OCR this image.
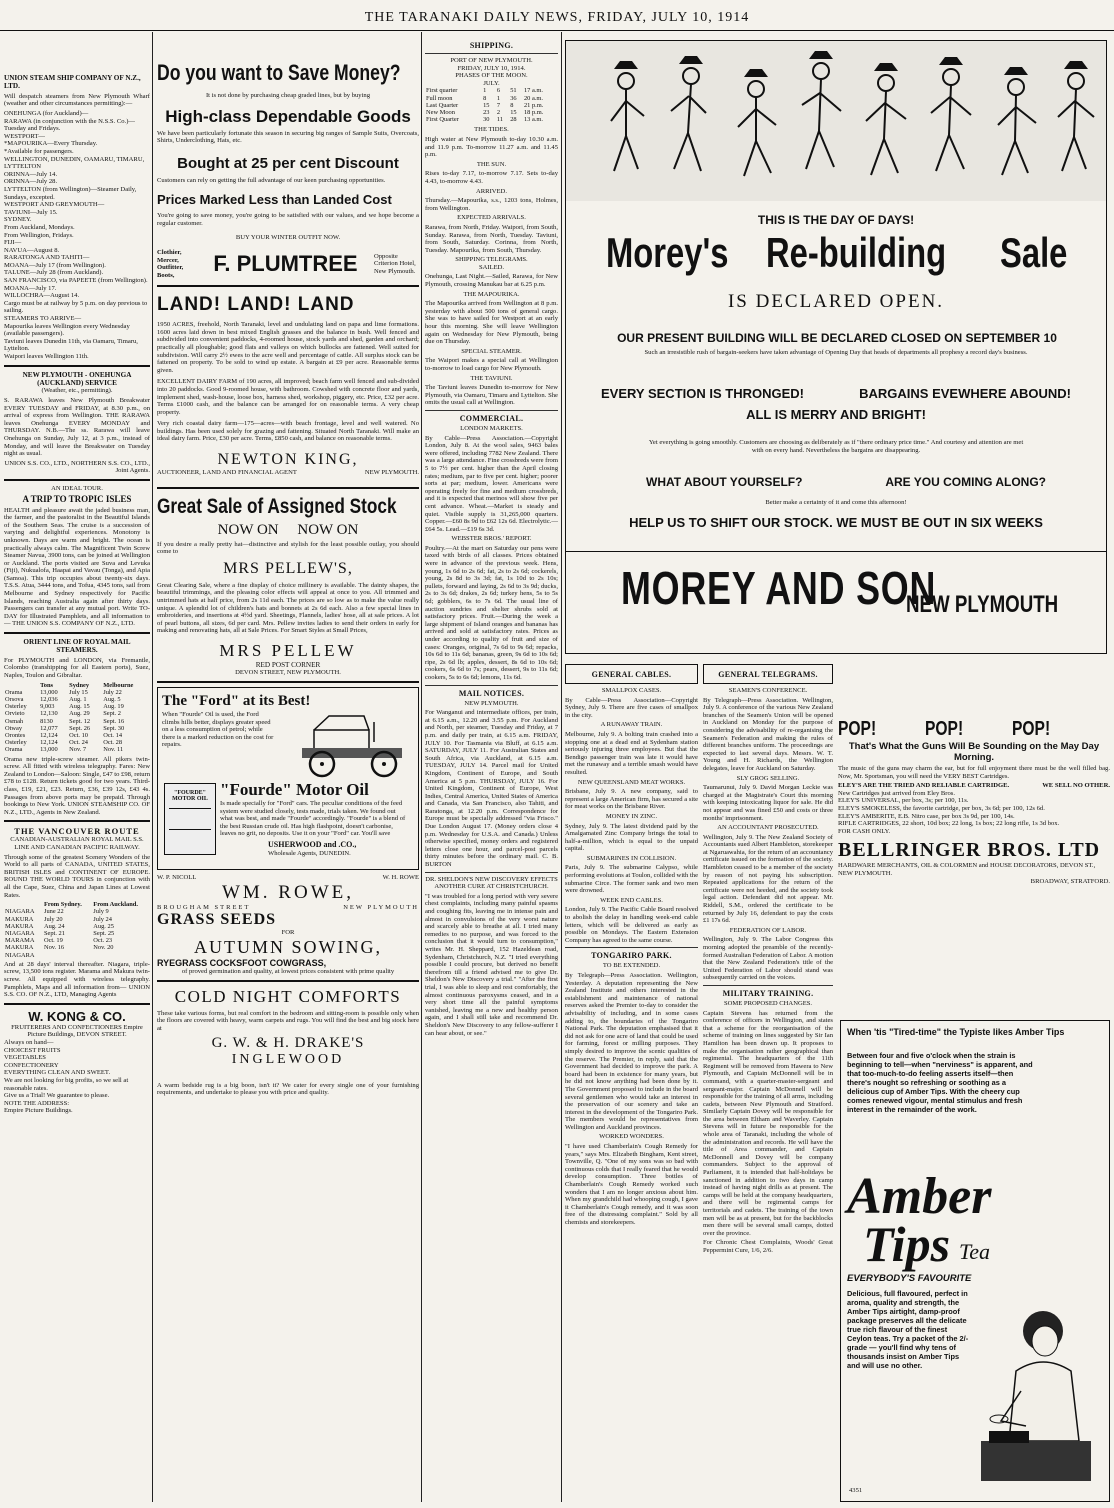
THE TARANAKI DAILY NEWS, FRIDAY, JULY 10, 1914
UNION STEAM SHIP COMPANY OF N.Z., LTD.
Will despatch steamers from New Plymouth Wharf (weather and other circumstances permitting):—
ONEHUNGA (for Auckland)—
RARAWA (in conjunction with the N.S.S. Co.)—Tuesday and Fridays.
WESTPORT—
*MAPOURIKA—Every Thursday.
*Available for passengers.
WELLINGTON, DUNEDIN, OAMARU, TIMARU, LYTTELTON
ORINNA—July 14.
ORINNA—July 28.
LYTTELTON (from Wellington)—Steamer Daily, Sundays, excepted.
WESTPORT AND GREYMOUTH—
TAVIUNI—July 15.
SYDNEY.
From Auckland, Mondays.
From Wellington, Fridays.
FIJI—
NAVUA—August 8.
RARATONGA AND TAHITI—
MOANA—July 17 (from Wellington).
TALUNE—July 28 (from Auckland).
SAN FRANCISCO, via PAPEETE (from Wellington).
MOANA—July 17.
WILLOCHRA—August 14.
Cargo must be at railway by 5 p.m. on day previous to sailing.
STEAMERS TO ARRIVE—
Mapourika leaves Wellington every Wednesday (available passengers).
Taviuni leaves Dunedin 11th, via Oamaru, Timaru, Lyttelton.
Waipori leaves Wellington 11th.
NEW PLYMOUTH - ONEHUNGA (AUCKLAND) SERVICE
(Weather, etc., permitting).
S. RARAWA leaves New Plymouth Breakwater EVERY TUESDAY and FRIDAY, at 8.30 p.m., on arrival of express from Wellington. THE RARAWA leaves Onehunga EVERY MONDAY and THURSDAY. N.B.—The ss. Rarawa will leave Onehunga on Sunday, July 12, at 3 p.m., instead of Monday, and will leave the Breakwater on Tuesday night as usual.
UNION S.S. CO., LTD., NORTHERN S.S. CO., LTD., Joint Agents.
AN IDEAL TOUR.
A TRIP TO TROPIC ISLES
HEALTH and pleasure await the jaded business man, the farmer, and the pastoralist in the Beautiful Islands of the Southern Seas. The cruise is a succession of varying and delightful experiences. Monotony is unknown. Days are warm and bright. The ocean is practically always calm. The Magnificent Twin Screw Steamer Navua, 3900 tons, can be joined at Wellington or Auckland. The ports visited are Suva and Levuka (Fiji), Nukualofa, Haapai and Vavau (Tonga), and Apia (Samoa). This trip occupies about twenty-six days. T.S.S. Atua, 3444 tons, and Tofua, 4345 tons, sail from Melbourne and Sydney respectively for Pacific Islands, reaching Australia again after thirty days. Passengers can transfer at any mutual port. Write TO-DAY for Illustrated Pamphlets, and all information to— THE UNION S.S. COMPANY OF N.Z., LTD.
ORIENT LINE OF ROYAL MAIL STEAMERS.
For PLYMOUTH and LONDON, via Fremantle, Colombo (transhipping for all Eastern ports), Suez, Naples, Toulon and Gibraltar.
	Tons	Sydney	Melbourne
Orama	13,000	July 15	July 22
Orsova	12,036	Aug. 1	Aug. 5
Osterley	9,003	Aug. 15	Aug. 19
Orvieto	12,130	Aug. 29	Sept. 2
Osmah	8130	Sept. 12	Sept. 16
Otway	12,077	Sept. 26	Sept. 30
Orontes	12,124	Oct. 10	Oct. 14
Osterley	12,124	Oct. 24	Oct. 28
Orama	13,000	Nov. 7	Nov. 11
Orama new triple-screw steamer. All pikers twin-screw. All fitted with wireless telegraphy. Fares: New Zealand to London—Saloon: Single, £47 to £98, return £78 to £128. Return tickets good for two years. Third-class, £19, £21, £23. Return, £36, £39 12s, £43 4s. Passages from above ports may be prepaid. Through bookings to New York. UNION STEAMSHIP CO. OF N.Z., LTD., Agents in New Zealand.
THE VANCOUVER ROUTE
CANADIAN-AUSTRALIAN ROYAL MAIL S.S. LINE AND CANADIAN PACIFIC RAILWAY.
Through some of the greatest Scenery Wonders of the World to all parts of CANADA, UNITED STATES, BRITISH ISLES and CONTINENT OF EUROPE. ROUND THE WORLD TOURS in conjunction with all the Cape, Suez, China and Japan Lines at Lowest Rates.
	From Sydney.	From Auckland.
NIAGARA	June 22	July 9
MAKURA	July 20	July 24
MAKURA	Aug. 24	Aug. 25
NIAGARA	Sept. 21	Sept. 25
MARAMA	Oct. 19	Oct. 23
MAKURA	Nov. 16	Nov. 20
NIAGARA		
And at 28 days' interval thereafter. Niagara, triple-screw, 13,500 tons register. Marama and Makura twin-screw. All equipped with wireless telegraphy. Pamphlets, Maps and all information from— UNION S.S. CO. OF N.Z., LTD, Managing Agents
W. KONG & CO.
FRUITERERS AND CONFECTIONERS Empire Picture Buildings, DEVON STREET.
Always on hand—
CHOICEST FRUITS
VEGETABLES
CONFECTIONERY
EVERYTHING CLEAN AND SWEET.
We are not looking for big profits, so we sell at reasonable rates.
Give us a Trial! We guarantee to please.
NOTE THE ADDRESS:
Empire Picture Buildings.
Do you want to Save Money?
It is not done by purchasing cheap graded lines, but by buying
High-class Dependable Goods
We have been particularly fortunate this season in securing big ranges of Sample Suits, Overcoats, Shirts, Underclothing, Hats, etc.
Bought at 25 per cent Discount
Customers can rely on getting the full advantage of our keen purchasing opportunities.
Prices Marked Less than Landed Cost
You're going to save money, you're going to be satisfied with our values, and we hope become a regular customer.
BUY YOUR WINTER OUTFIT NOW.
Clothier, Mercer, Outfitter, Boots,	F. PLUMTREE Opposite Criterion Hotel, New Plymouth.
LAND! LAND! LAND
1950 ACRES, freehold, North Taranaki, level and undulating land on papa and lime formations. 1600 acres laid down in best mixed English grasses and the balance in bush. Well fenced and subdivided into convenient paddocks, 4-roomed house, stock yards and shed, garden and orchard; practically all ploughable; good flats and valleys on which bullocks are fattened. Well suited for subdivision. Will carry 2½ ewes to the acre well and percentage of cattle. All surplus stock can be fattened on property. To be sold to wind up estate. A bargain at £9 per acre. Reasonable terms given.
EXCELLENT DAIRY FARM of 190 acres, all improved; beach farm well fenced and sub-divided into 20 paddocks. Good 9-roomed house, with bathroom. Cowshed with concrete floor and yards, implement shed, wash-house, loose box, harness shed, workshop, piggery, etc. Price, £32 per acre. Terms £1000 cash, and the balance can be arranged for on reasonable terms. A very cheap property.
Very rich coastal dairy farm—175—acres—with beach frontage, level and well watered. No buildings. Has been used solely for grazing and fattening. Situated North Taranaki. Will make an ideal dairy farm. Price, £30 per acre. Terms, £850 cash, and balance on reasonable terms.
NEWTON KING,
AUCTIONEER, LAND AND FINANCIAL AGENT	NEW PLYMOUTH.
Great Sale of Assigned Stock
NOW ON     NOW ON
If you desire a really pretty hat—distinctive and stylish for the least possible outlay, you should come to
MRS PELLEW'S,
Great Clearing Sale, where a fine display of choice millinery is available. The dainty shapes, the beautiful trimmings, and the pleasing color effects will appeal at once to you. All trimmed and untrimmed hats at half price, from 2s 11d each. The prices are so low as to make the value really unique. A splendid lot of children's hats and bonnets at 2s 6d each. Also a few special lines in embroideries, and insertions at 4½d yard. Sheetings, Flannels, ladies' hose, all at sale prices. A lot of pearl buttons, all sizes, 6d per card. Mrs. Pellew invites ladies to send their orders in early for making and renovating hats, all at Sale Prices. For Smart Styles at Small Prices,
MRS PELLEW
RED POST CORNER
DEVON STREET, NEW PLYMOUTH.
The "Ford" at its Best!
When "Fourde" Oil is used, the Ford climbs hills better, displays greater speed on a less consumption of petrol; while there is a marked reduction on the cost for repairs.
"FOURDE" MOTOR OIL "Fourde" Motor Oil
Is made specially for "Ford" cars. The peculiar conditions of the feed system were studied closely, tests made, trials taken. We found out what was best, and made "Fourde" accordingly. "Fourde" is a blend of the best Russian crude oil. Has high flashpoint, doesn't carbonise, leaves no grit, no deposits. Use it on your "Ford" car. You'll save
USHERWOOD and .CO.,
Wholesale Agents, DUNEDIN.
W. P. NICOLL	W. H. ROWE
WM. ROWE,
BROUGHAM STREET	NEW PLYMOUTH
GRASS SEEDS
FOR
AUTUMN SOWING,
RYEGRASS COCKSFOOT COWGRASS,
of proved germination and quality, at lowest prices consistent with prime quality
COLD NIGHT COMFORTS
These take various forms, but real comfort in the bedroom and sitting-room is possible only when the floors are covered with heavy, warm carpets and rugs. You will find the best and big stock here at
G. W. & H. DRAKE'S
INGLEWOOD
A warm bedside rug is a big boon, isn't it? We cater for every single one of your furnishing requirements, and undertake to please you with price and quality.
SHIPPING.
PORT OF NEW PLYMOUTH.
FRIDAY, JULY 10, 1914.
PHASES OF THE MOON.
JULY.
First quarter	1	6	51	17 a.m.
Full moon	8	1	36	20 a.m.
Last Quarter	15	7	8	21 p.m.
New Moon	23	2	15	18 p.m.
First Quarter	30	11	28	13 a.m.
THE TIDES.
High water at New Plymouth to-day 10.30 a.m. and 11.9 p.m. To-morrow 11.27 a.m. and 11.45 p.m.
THE SUN.
Rises to-day 7.17, to-morrow 7.17. Sets to-day 4.43, to-morrow 4.43.
ARRIVED.
Thursday.—Mapourika, s.s., 1203 tons, Holmes, from Wellington.
EXPECTED ARRIVALS.
Rarawa, from North, Friday. Waipori, from South, Sunday. Rarawa, from North, Tuesday. Taviuni, from South, Saturday. Corinna, from North, Tuesday. Mapourika, from South, Thursday.
SHIPPING TELEGRAMS.
SAILED.
Onehunga, Last Night.—Sailed, Rarawa, for New Plymouth, crossing Manukau bar at 6.25 p.m.
THE MAPOURIKA.
The Mapourika arrived from Wellington at 8 p.m. yesterday with about 500 tons of general cargo. She was to have sailed for Westport at an early hour this morning. She will leave Wellington again on Wednesday for New Plymouth, being due on Thursday.
SPECIAL STEAMER.
The Waipori makes a special call at Wellington to-morrow to load cargo for New Plymouth.
THE TAVIUNI.
The Taviuni leaves Dunedin to-morrow for New Plymouth, via Oamaru, Timaru and Lyttelton. She omits the usual call at Wellington.
COMMERCIAL.
LONDON MARKETS.
By Cable—Press Association.—Copyright London, July 8. At the wool sales, 9463 bales were offered, including 7782 New Zealand. There was a large attendance. Fine crossbreds were from 5 to 7½ per cent. higher than the April closing rates; medium, par to five per cent. higher; poorer sorts at par; medium, lower. Americans were operating freely for fine and medium crossbreds, and it is expected that merinos will show five per cent advance. Wheat.—Market is steady and quiet. Visible supply is 31,265,000 quarters. Copper.—£60 8s 9d to £62 12s 6d. Electrolytic.—£64 5s. Lead.—£19 6s 3d.
WEBSTER BROS.' REPORT.
Poultry.—At the mart on Saturday our pens were taxed with birds of all classes. Prices obtained were in advance of the previous week. Hens, young, 1s 6d to 2s 6d; fat, 2s to 2s 6d; cockerels, young, 2s 8d to 3s 3d; fat, 1s 10d to 2s 10s; pullets, forward and laying, 2s 6d to 3s 9d; ducks, 2s to 3s 6d; drakes, 2s 6d; turkey hens, 5s to 5s 6d; gobblers, 6s to 7s 6d. The usual line of auction sundries and shelter shrubs sold at satisfactory prices. Fruit.—During the week a large shipment of Island oranges and bananas has arrived and sold at satisfactory rates. Prices as under according to quality of fruit and size of cases: Oranges, original, 7s 6d to 9s 6d; repacks, 10s 6d to 11s 6d; bananas, green, 9s 6d to 10s 6d; ripe, 2s 6d lb; apples, dessert, 8s 6d to 10s 6d; cookers, 6s 6d to 7s; pears, dessert, 9s to 11s 6d; cookers, 5s to 6s 6d; lemons, 11s 6d.
MAIL NOTICES.
NEW PLYMOUTH.
For Wanganui and intermediate offices, per train, at 6.15 a.m., 12.20 and 3.55 p.m. For Auckland and North, per steamer, Tuesday and Friday, at 7 p.m. and daily per train, at 6.15 a.m. FRIDAY, JULY 10. For Tasmania via Bluff, at 6.15 a.m. SATURDAY, JULY 11. For Australian States and South Africa, via Auckland, at 6.15 a.m. TUESDAY, JULY 14. Parcel mail for United Kingdom, Continent of Europe, and South America at 5 p.m. THURSDAY, JULY 16. For United Kingdom, Continent of Europe, West Indies, Central America, United States of America and Canada, via San Francisco, also Tahiti, and Raratonga, at 12.20 p.m. Correspondence for Europe must be specially addressed "via Frisco." Due London August 17. (Money orders close 4 p.m. Wednesday for U.S.A. and Canada.) Unless otherwise specified, money orders and registered letters close one hour, and parcel-post parcels thirty minutes before the ordinary mail. C. B. BURTON
DR. SHELDON'S NEW DISCOVERY EFFECTS ANOTHER CURE AT CHRISTCHURCH.
"I was troubled for a long period with very severe chest complaints, including many painful spasms and coughing fits, leaving me in intense pain and almost in convulsions of the very worst nature and scarcely able to breathe at all. I tried many remedies to no purpose, and was forced to the conclusion that it would turn to consumption," writes Mr. H. Sheppard, 152 Hazeldean road, Sydenham, Christchurch, N.Z. "I tried everything possible I could procure, but derived no benefit therefrom till a friend advised me to give Dr. Sheldon's New Discovery a trial." "After the first trial, I was able to sleep and rest comfortably, the almost continuous paroxysms ceased, and in a very short time all the painful symptoms vanished, leaving me a new and healthy person again, and I shall still take and recommend Dr. Sheldon's New Discovery to any fellow-sufferer I can hear about, or see."
THIS IS THE DAY OF DAYS!
Morey's Re-building Sale
IS DECLARED OPEN.
OUR PRESENT BUILDING WILL BE DECLARED CLOSED ON SEPTEMBER 10
Such an irresistible rush of bargain-seekers have taken advantage of Opening Day that heads of departments all prophesy a record day's business.
EVERY SECTION IS THRONGED!	BARGAINS EVEWHERE ABOUND!
ALL IS MERRY AND BRIGHT!
Yet everything is going smoothly. Customers are choosing as deliberately as if "there ordinary price time." And courtesy and attention are met with on every hand. Nevertheless the bargains are disappearing.
WHAT ABOUT YOURSELF?	ARE YOU COMING ALONG?
Better make a certainty of it and come this afternoon!
HELP US TO SHIFT OUR STOCK. WE MUST BE OUT IN SIX WEEKS
MOREY AND SON
NEW PLYMOUTH
GENERAL CABLES.
SMALLPOX CASES.
By Cable—Press Association—Copyright Sydney, July 9. There are five cases of smallpox in the city.
A RUNAWAY TRAIN.
Melbourne, July 9. A bolting train crashed into a stopping one at a dead end at Sydenham station seriously injuring three employees. But that the Bendigo passenger train was late it would have met the runaway and a terrible smash would have resulted.
NEW QUEENSLAND MEAT WORKS.
Brisbane, July 9. A new company, said to represent a large American firm, has secured a site for meat works on the Brisbane River.
MONEY IN ZINC.
Sydney, July 9. The latest dividend paid by the Amalgamated Zinc Company brings the total to half-a-million, which is equal to the unpaid capital.
SUBMARINES IN COLLISION.
Paris, July 9. The submarine Calypso, while performing evolutions at Toulon, collided with the submarine Circe. The former sank and two men were drowned.
WEEK END CABLES.
London, July 9. The Pacific Cable Board resolved to abolish the delay in handling week-end cable letters, which will be delivered as early as possible on Mondays. The Eastern Extension Company has agreed to the same course.
TONGARIRO PARK.
TO BE EXTENDED.
By Telegraph—Press Association. Wellington, Yesterday. A deputation representing the New Zealand Institute and others interested in the establishment and maintenance of national reserves asked the Premier to-day to consider the advisability of including, and in some cases adding to, the boundaries of the Tongariro National Park. The deputation emphasised that it did not ask for one acre of land that could be used for farming, forest or milling purposes. They simply desired to improve the scenic qualities of the reserve. The Premier, in reply, said that the Government had decided to improve the park. A board had been in existence for many years, but he did not know anything had been done by it. The Government proposed to include in the board several gentlemen who would take an interest in the preservation of our scenery and take an interest in the development of the Tongariro Park. The members would be representatives from Wellington and Auckland provinces.
WORKED WONDERS.
"I have used Chamberlain's Cough Remedy for years," says Mrs. Elizabeth Bingham, Kent street, Townville, Q. "One of my sons was so bad with continuous colds that I really feared that he would develop consumption. Three bottles of Chamberlain's Cough Remedy worked such wonders that I am no longer anxious about him. When my grandchild had whooping cough, I gave it Chamberlain's Cough remedy, and it was soon free of the distressing complaint." Sold by all chemists and storekeepers.
GENERAL TELEGRAMS.
SEAMEN'S CONFERENCE.
By Telegraph—Press Association. Wellington, July 9. A conference of the various New Zealand branches of the Seamen's Union will be opened in Auckland on Monday for the purpose of considering the advisability of re-organising the Seamen's Federation and making the rules of different branches uniform. The proceedings are expected to last several days. Messrs. W. T. Young and H. Richards, the Wellington delegates, leave for Auckland on Saturday.
SLY GROG SELLING.
Taumarunui, July 9. David Morgan Leckie was charged at the Magistrate's Court this morning with keeping intoxicating liquor for sale. He did not appear and was fined £50 and costs or three months' imprisonment.
AN ACCOUNTANT PROSECUTED.
Wellington, July 9. The New Zealand Society of Accountants sued Albert Hambleton, storekeeper at Ngaruawahia, for the return of an accountancy certificate issued on the formation of the society. Hambleton ceased to be a member of the society by reason of not paying his subscription. Repeated applications for the return of the certificate were not heeded, and the society took legal action. Defendant did not appear. Mr. Riddell, S.M., ordered the certificate to be returned by July 16, defendant to pay the costs £1 17s 6d.
FEDERATION OF LABOR.
Wellington, July 9. The Labor Congress this morning adopted the preamble of the recently-formed Australian Federation of Labor. A motion that the New Zealand Federation's title of the United Federation of Labor should stand was subsequently carried on the voices.
MILITARY TRAINING.
SOME PROPOSED CHANGES.
Captain Stevens has returned from the conference of officers in Wellington, and states that a scheme for the reorganisation of the scheme of training on lines suggested by Sir Ian Hamilton has been drawn up. It proposes to make the organisation rather geographical than regimental. The headquarters of the 11th Regiment will be removed from Hawera to New Plymouth, and Captain McDonnell will be in command, with a quarter-master-sergeant and sergeant-major. Captain McDonnell will be responsible for the training of all arms, including cadets, between New Plymouth and Stratford. Similarly Captain Dovey will be responsible for the area between Eltham and Waverley. Captain Stevens will in future be responsible for the whole area of Taranaki, including the whole of the administration and records. He will have the title of Area commander, and Captain McDonnell and Dovey will be company commanders. Subject to the approval of Parliament, it is intended that half-holidays be sanctioned in addition to two days in camp instead of having night drills as at present. The camps will be held at the company headquarters, and there will be regimental camps for territorials and cadets. The training of the town men will be as at present, but for the backblocks men there will be several small camps, dotted over the province.
For Chronic Chest Complaints, Woods' Great Peppermint Cure, 1/6, 2/6.
POP! POP! POP!
That's What the Guns Will Be Sounding on the May Day Morning.
The music of the guns may charm the ear, but for full enjoyment there must be the well filled bag. Now, Mr. Sportsman, you will need the VERY BEST Cartridges.
ELEY'S ARE THE TRIED AND RELIABLE CARTRIDGE.	WE SELL NO OTHER.
New Cartridges just arrived from Eley Bros.
ELEY'S UNIVERSAL, per box, 3s; per 100, 11s.
ELEY'S SMOKELESS, the favorite cartridge, per box, 3s 6d; per 100, 12s 6d.
ELEY'S AMBERITE, E.B. Nitro case, per box 3s 9d, per 100, 14s.
RIFLE CARTRIDGES, 22 short, 10d box; 22 long, 1s box; 22 long rifle, 1s 3d box.
FOR CASH ONLY.
BELLRINGER BROS. LTD
HARDWARE MERCHANTS, OIL & COLORMEN and HOUSE DECORATORS, DEVON ST., NEW PLYMOUTH.
BROADWAY, STRATFORD.
When 'tis "Tired-time" the Typiste likes Amber Tips
Between four and five o'clock when the strain is beginning to tell—when "nerviness" is apparent, and that too-much-to-do feeling asserts itself—then there's nought so refreshing or soothing as a delicious cup of Amber Tips. With the cheery cup comes renewed vigour, mental stimulus and fresh interest in the remainder of the work.
Amber
Tips Tea
EVERYBODY'S FAVOURITE
Delicious, full flavoured, perfect in aroma, quality and strength, the Amber Tips airtight, damp-proof package preserves all the delicate true rich flavour of the finest Ceylon teas. Try a packet of the 2/- grade — you'll find why tens of thousands insist on Amber Tips and will use no other.
4351
